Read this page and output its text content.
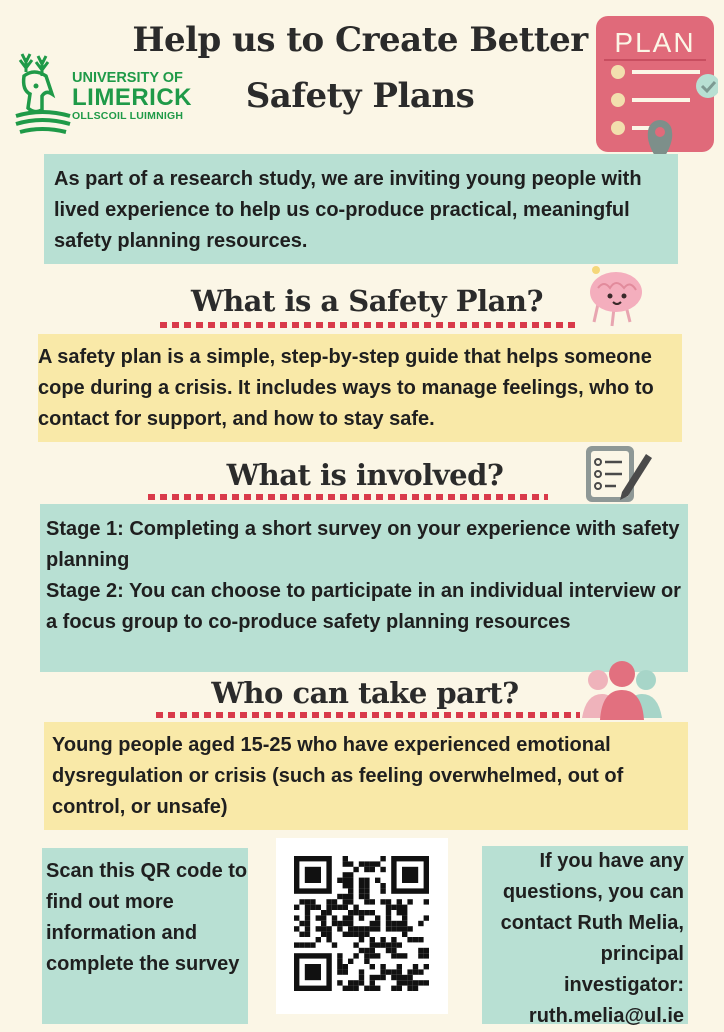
Help us to Create Better
Safety Plans
UNIVERSITY OF
LIMERICK
OLLSCOIL LUIMNIGH
PLAN
As part of a research study, we are inviting young people with lived experience to help us co-produce practical, meaningful safety planning resources.
What is a Safety Plan?
A safety plan is a simple, step-by-step guide that helps someone cope during a crisis. It includes ways to manage feelings, who to contact for support, and how to stay safe.
What is involved?
Stage 1: Completing a short survey on your experience with safety planning
Stage 2: You can choose to participate in an individual interview or a focus group to co-produce safety planning resources
Who can take part?
Young people aged 15-25 who have experienced emotional dysregulation or crisis (such as feeling overwhelmed, out of control, or unsafe)
Scan this QR code to find out more information and complete the survey
If you have any questions, you can contact Ruth Melia, principal investigator:
ruth.melia@ul.ie
